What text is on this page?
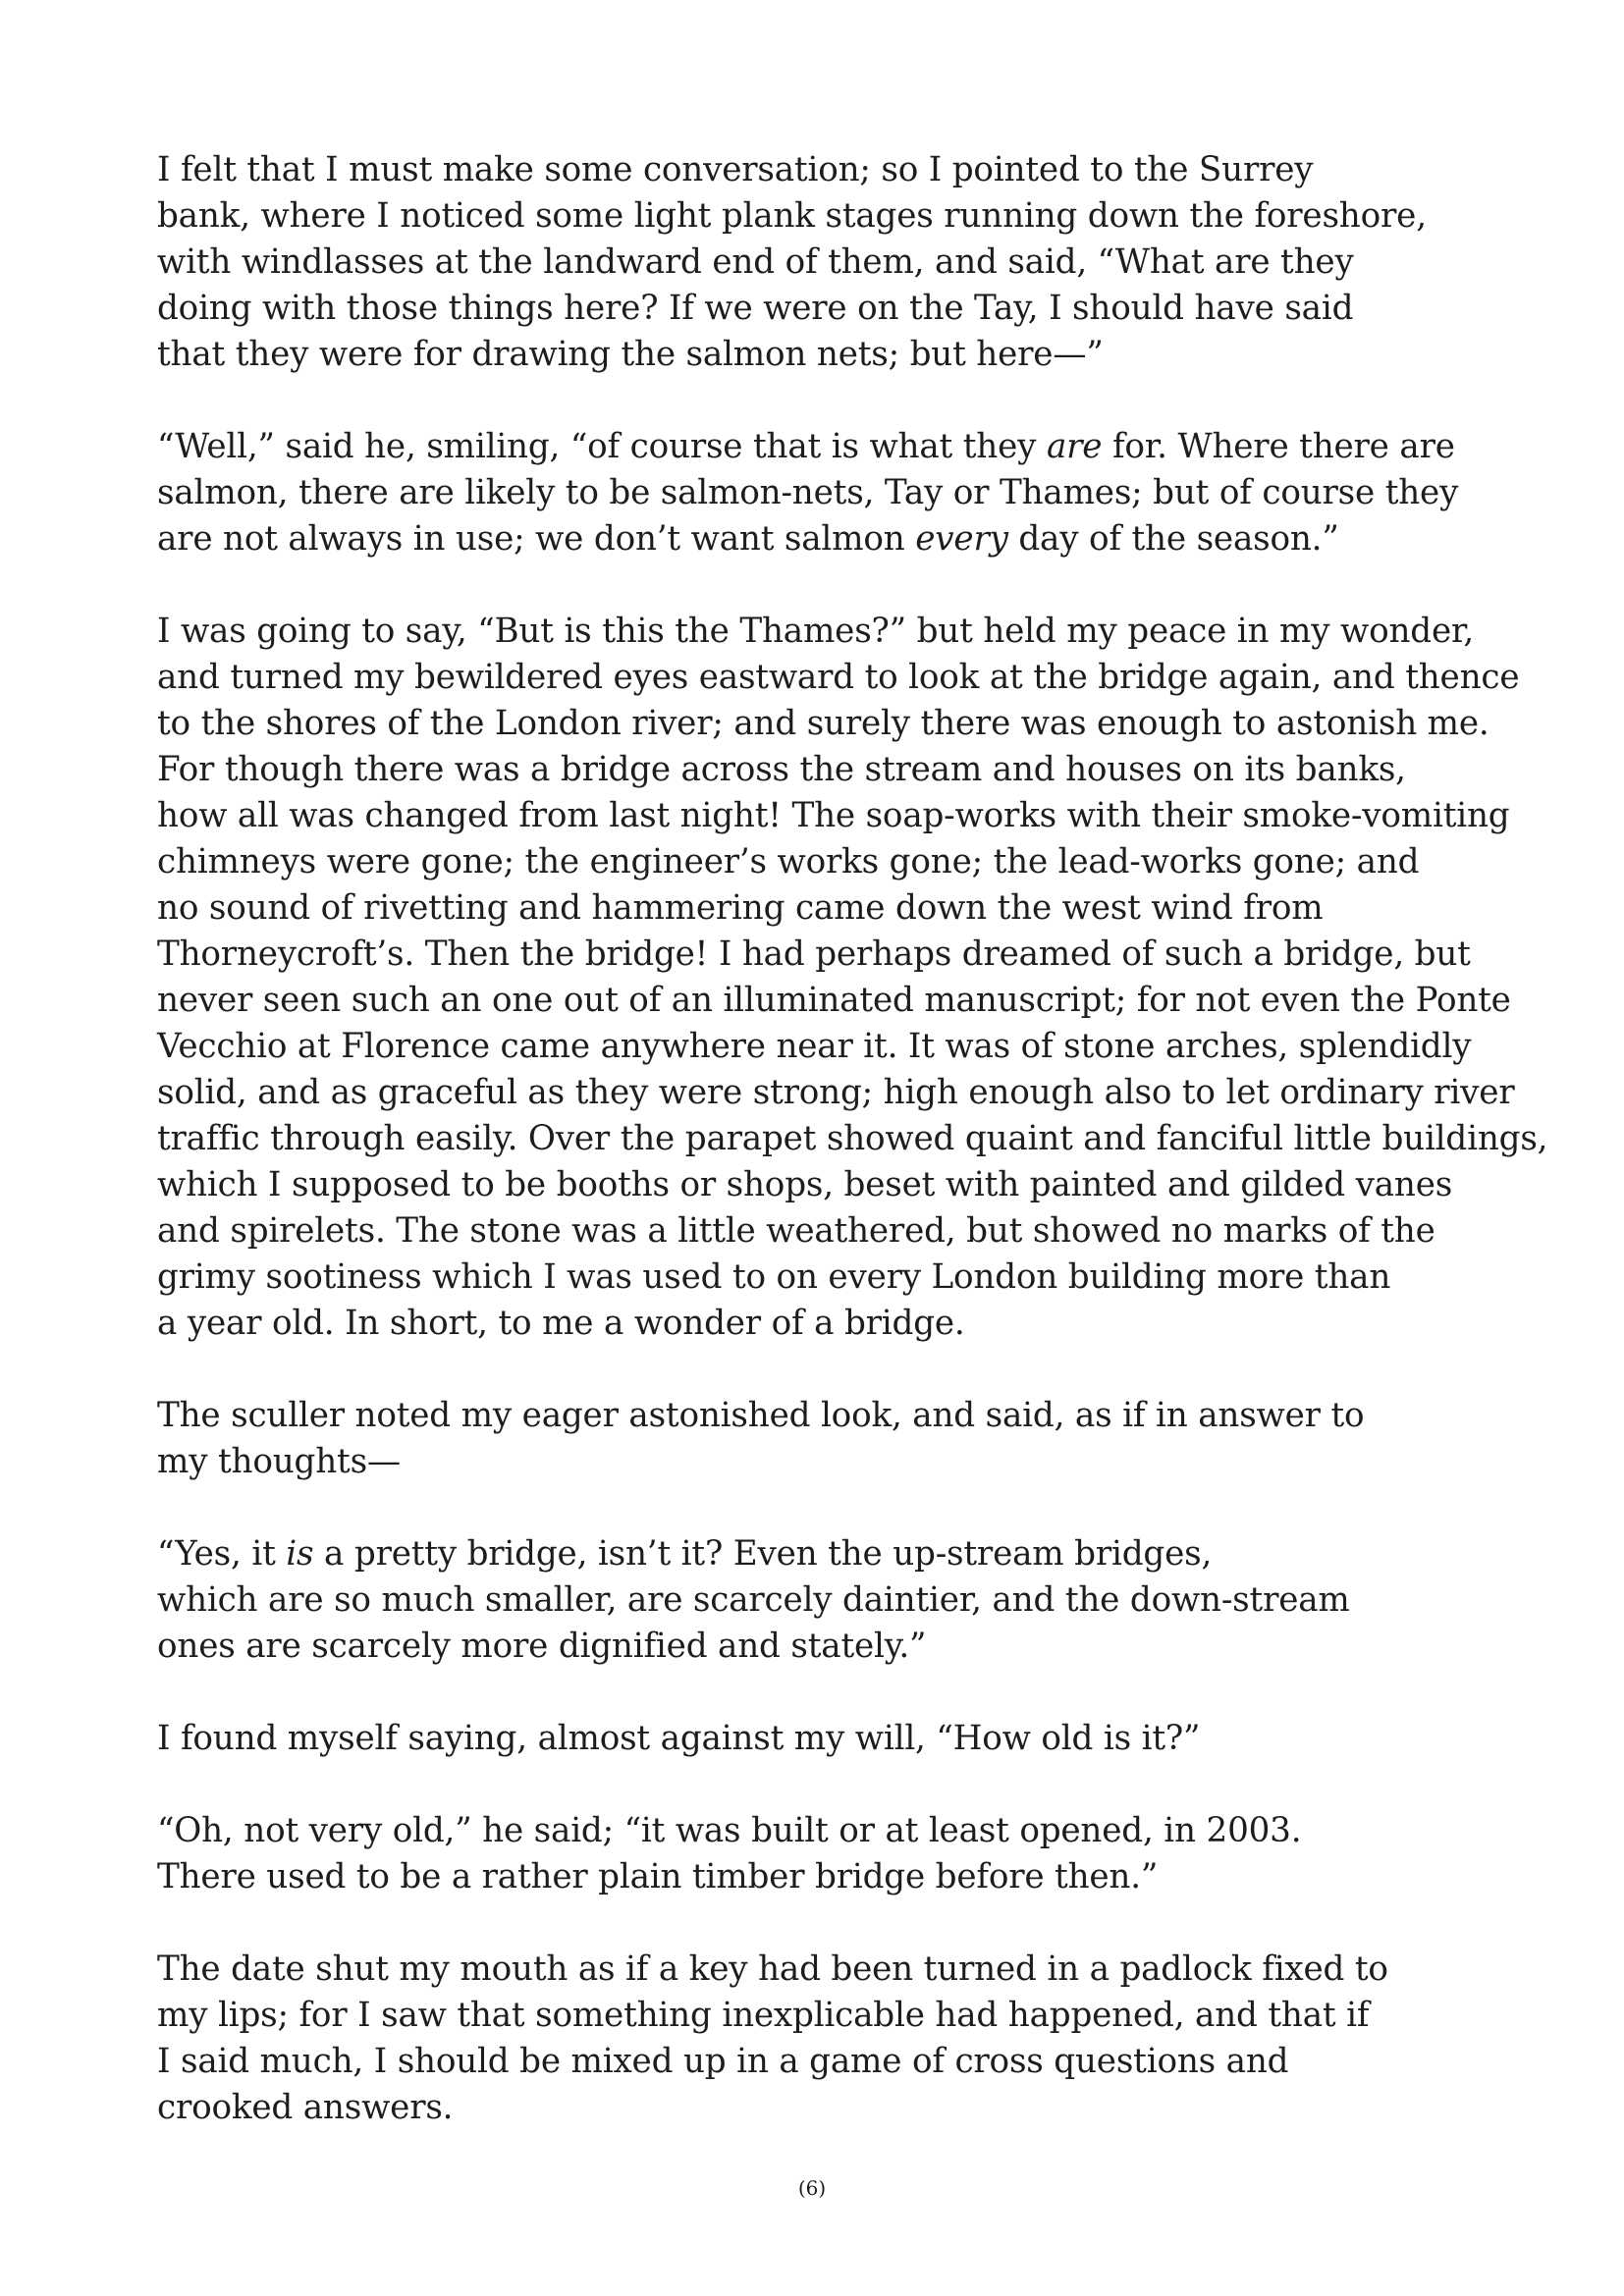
I felt that I must make some conversation; so I pointed to the Surrey
bank, where I noticed some light plank stages running down the foreshore,
with windlasses at the landward end of them, and said, “What are they
doing with those things here? If we were on the Tay, I should have said
that they were for drawing the salmon nets; but here—”
“Well,” said he, smiling, “of course that is what they are for. Where there are
salmon, there are likely to be salmon-nets, Tay or Thames; but of course they
are not always in use; we don’t want salmon every day of the season.”
I was going to say, “But is this the Thames?” but held my peace in my wonder,
and turned my bewildered eyes eastward to look at the bridge again, and thence
to the shores of the London river; and surely there was enough to astonish me.
For though there was a bridge across the stream and houses on its banks,
how all was changed from last night! The soap-works with their smoke-vomiting
chimneys were gone; the engineer’s works gone; the lead-works gone; and
no sound of rivetting and hammering came down the west wind from
Thorneycroft’s. Then the bridge! I had perhaps dreamed of such a bridge, but
never seen such an one out of an illuminated manuscript; for not even the Ponte
Vecchio at Florence came anywhere near it. It was of stone arches, splendidly
solid, and as graceful as they were strong; high enough also to let ordinary river
traffic through easily. Over the parapet showed quaint and fanciful little buildings,
which I supposed to be booths or shops, beset with painted and gilded vanes
and spirelets. The stone was a little weathered, but showed no marks of the
grimy sootiness which I was used to on every London building more than
a year old. In short, to me a wonder of a bridge.
The sculler noted my eager astonished look, and said, as if in answer to
my thoughts—
“Yes, it is a pretty bridge, isn’t it? Even the up-stream bridges,
which are so much smaller, are scarcely daintier, and the down-stream
ones are scarcely more dignified and stately.”
I found myself saying, almost against my will, “How old is it?”
“Oh, not very old,” he said; “it was built or at least opened, in 2003.
There used to be a rather plain timber bridge before then.”
The date shut my mouth as if a key had been turned in a padlock fixed to
my lips; for I saw that something inexplicable had happened, and that if
I said much, I should be mixed up in a game of cross questions and
crooked answers.
(6)
